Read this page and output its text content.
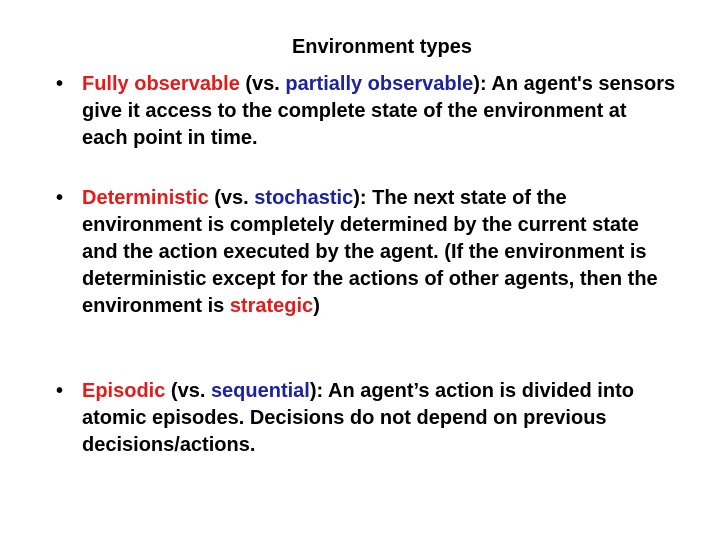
Environment types
• Fully observable (vs. partially observable): An agent's sensors give it access to the complete state of the environment at each point in time.
• Deterministic (vs. stochastic): The next state of the environment is completely determined by the current state and the action executed by the agent. (If the environment is deterministic except for the actions of other agents, then the environment is strategic)
• Episodic (vs. sequential): An agent’s action is divided into atomic episodes. Decisions do not depend on previous decisions/actions.
